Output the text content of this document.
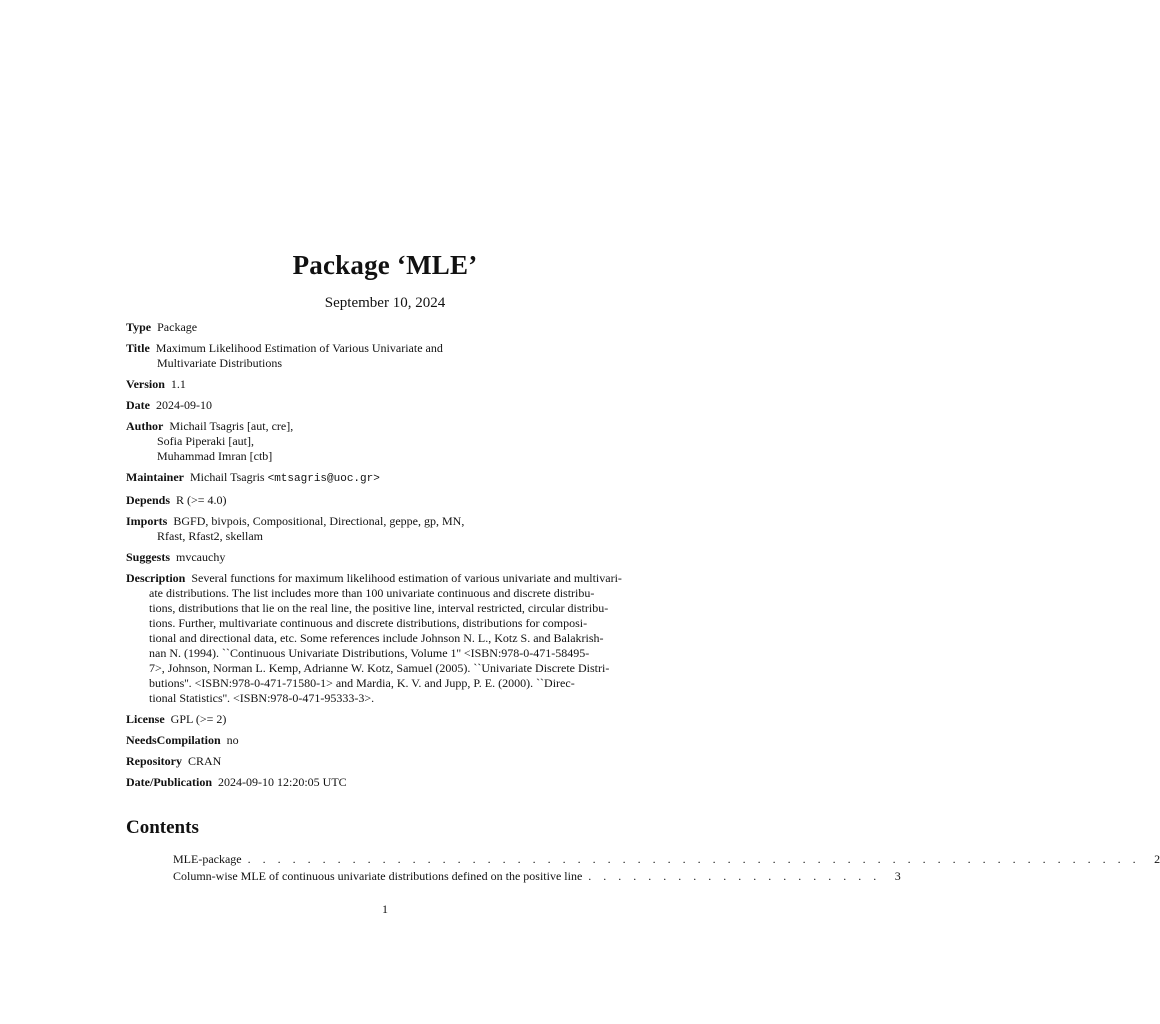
Package ‘MLE’
September 10, 2024
Type Package
Title Maximum Likelihood Estimation of Various Univariate and
Multivariate Distributions
Version 1.1
Date 2024-09-10
Author Michail Tsagris [aut, cre],
Sofia Piperaki [aut],
Muhammad Imran [ctb]
Maintainer Michail Tsagris <mtsagris@uoc.gr>
Depends R (>= 4.0)
Imports BGFD, bivpois, Compositional, Directional, geppe, gp, MN,
Rfast, Rfast2, skellam
Suggests mvcauchy
Description Several functions for maximum likelihood estimation of various univariate and multivari-
ate distributions. The list includes more than 100 univariate continuous and discrete distribu-
tions, distributions that lie on the real line, the positive line, interval restricted, circular distribu-
tions. Further, multivariate continuous and discrete distributions, distributions for composi-
tional and directional data, etc. Some references include Johnson N. L., Kotz S. and Balakrish-
nan N. (1994). ``Continuous Univariate Distributions, Volume 1'' <ISBN:978-0-471-58495-
7>, Johnson, Norman L. Kemp, Adrianne W. Kotz, Samuel (2005). ``Univariate Discrete Distri-
butions''. <ISBN:978-0-471-71580-1> and Mardia, K. V. and Jupp, P. E. (2000). ``Direc-
tional Statistics''. <ISBN:978-0-471-95333-3>.
License GPL (>= 2)
NeedsCompilation no
Repository CRAN
Date/Publication 2024-09-10 12:20:05 UTC
Contents
MLE-package . . . . . . . . . . . . . . . . . . . . . . . . . . . . . . . . . . . . . . . . . . . . . . . . . . . . . . . . . . . .	2
Column-wise MLE of continuous univariate distributions defined on the positive line . . . . . . . . . . . . . . . . . . . .	3
1
